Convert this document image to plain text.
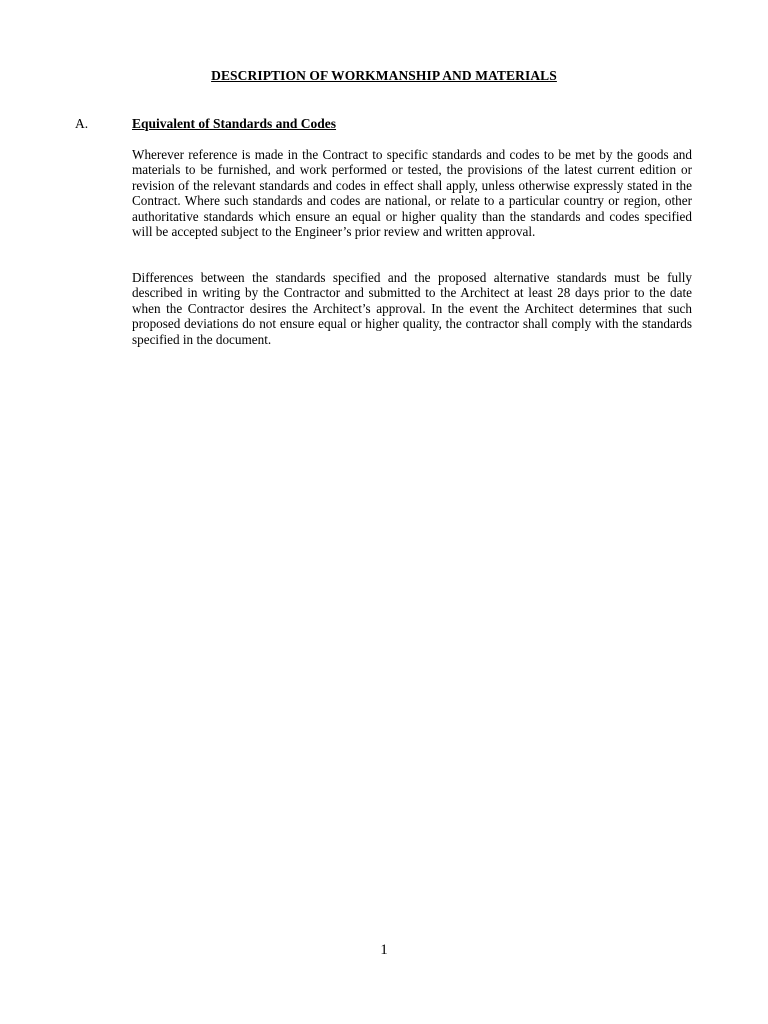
DESCRIPTION OF WORKMANSHIP AND MATERIALS
A.	Equivalent of Standards and Codes

Wherever reference is made in the Contract to specific standards and codes to be met by the goods and materials to be furnished, and work performed or tested, the provisions of the latest current edition or revision of the relevant standards and codes in effect shall apply, unless otherwise expressly stated in the Contract. Where such standards and codes are national, or relate to a particular country or region, other authoritative standards which ensure an equal or higher quality than the standards and codes specified will be accepted subject to the Engineer’s prior review and written approval.

Differences between the standards specified and the proposed alternative standards must be fully described in writing by the Contractor and submitted to the Architect at least 28 days prior to the date when the Contractor desires the Architect’s approval. In the event the Architect determines that such proposed deviations do not ensure equal or higher quality, the contractor shall comply with the standards specified in the document.

1
